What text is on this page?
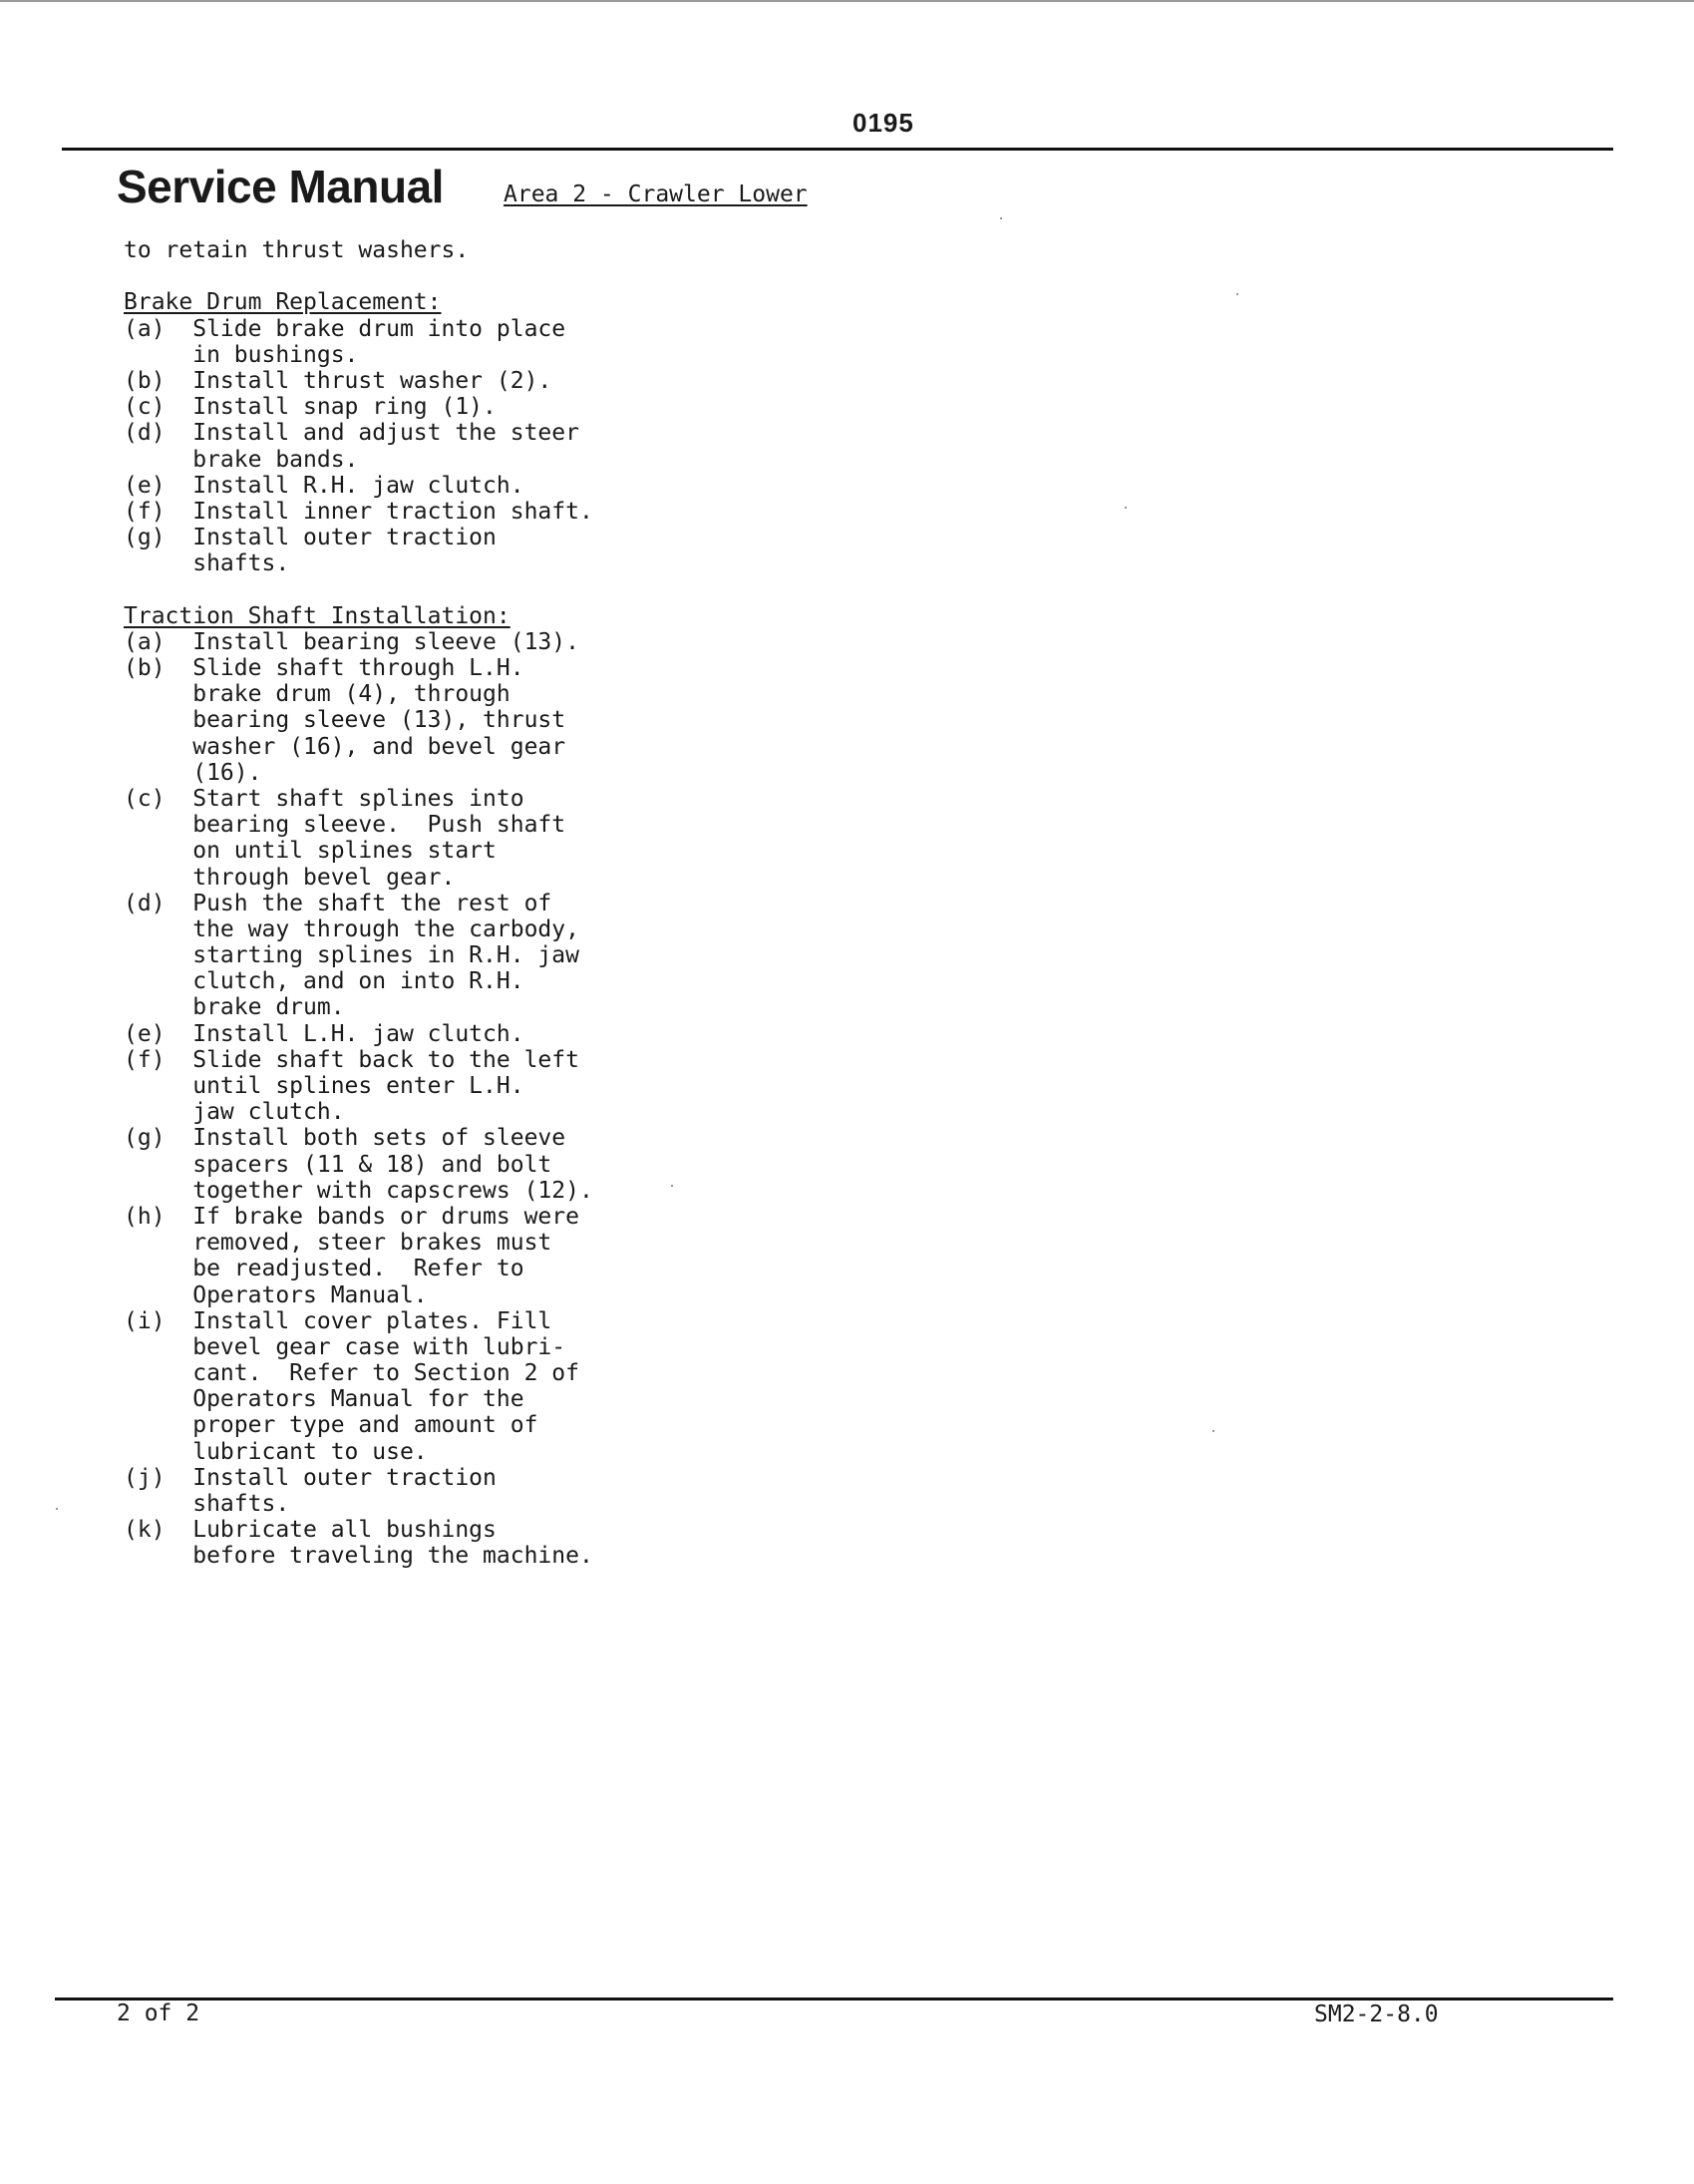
0195
Service Manual	Area 2 - Crawler Lower
to retain thrust washers.
Brake Drum Replacement:
(a)  Slide brake drum into place
in bushings.
(b)  Install thrust washer (2).
(c)  Install snap ring (1).
(d)  Install and adjust the steer
brake bands.
(e)  Install R.H. jaw clutch.
(f)  Install inner traction shaft.
(g)  Install outer traction
shafts.
Traction Shaft Installation:
(a)  Install bearing sleeve (13).
(b)  Slide shaft through L.H.
brake drum (4), through
bearing sleeve (13), thrust
washer (16), and bevel gear
(16).
(c)  Start shaft splines into
bearing sleeve.  Push shaft
on until splines start
through bevel gear.
(d)  Push the shaft the rest of
the way through the carbody,
starting splines in R.H. jaw
clutch, and on into R.H.
brake drum.
(e)  Install L.H. jaw clutch.
(f)  Slide shaft back to the left
until splines enter L.H.
jaw clutch.
(g)  Install both sets of sleeve
spacers (11 & 18) and bolt
together with capscrews (12).
(h)  If brake bands or drums were
removed, steer brakes must
be readjusted.  Refer to
Operators Manual.
(i)  Install cover plates. Fill
bevel gear case with lubri-
cant.  Refer to Section 2 of
Operators Manual for the
proper type and amount of
lubricant to use.
(j)  Install outer traction
shafts.
(k)  Lubricate all bushings
before traveling the machine.
2 of 2	SM2-2-8.0
